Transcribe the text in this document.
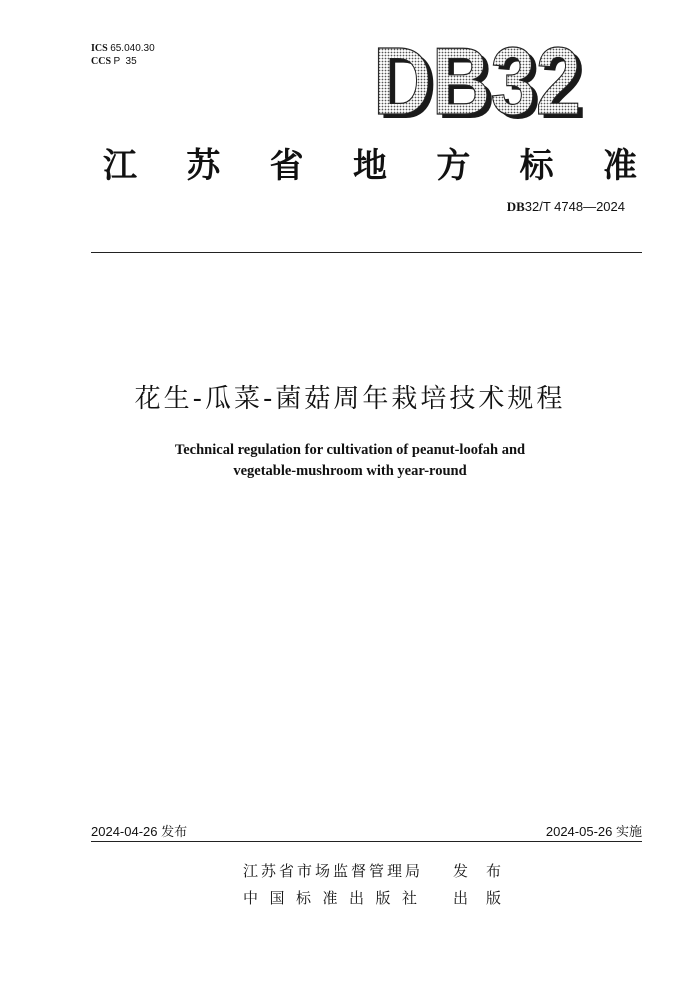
ICS 65.040.30
CCS P  35	DB32
DB32
江 苏 省 地 方 标 准
DB32/T 4748—2024
花生-瓜菜-菌菇周年栽培技术规程
Technical regulation for cultivation of peanut-loofah and
vegetable-mushroom with year-round
2024-04-26 发布	2024-05-26 实施
江苏省市场监督管理局 发布
中国标准出版社 出版
